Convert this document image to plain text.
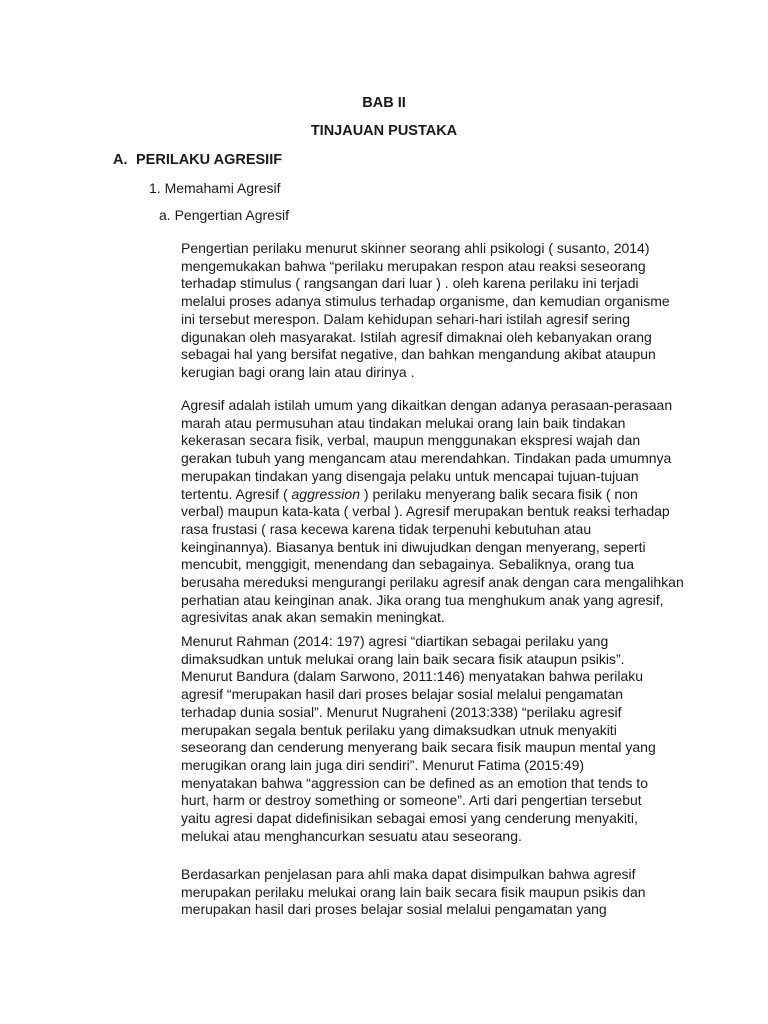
BAB II
TINJAUAN PUSTAKA
A. PERILAKU AGRESIIF
1. Memahami Agresif
a. Pengertian Agresif
Pengertian perilaku menurut skinner seorang ahli psikologi ( susanto, 2014)
mengemukakan bahwa “perilaku merupakan respon atau reaksi seseorang
terhadap stimulus ( rangsangan dari luar ) . oleh karena perilaku ini terjadi
melalui proses adanya stimulus terhadap organisme, dan kemudian organisme
ini tersebut merespon. Dalam kehidupan sehari-hari istilah agresif sering
digunakan oleh masyarakat. Istilah agresif dimaknai oleh kebanyakan orang
sebagai hal yang bersifat negative, dan bahkan mengandung akibat ataupun
kerugian bagi orang lain atau dirinya .
Agresif adalah istilah umum yang dikaitkan dengan adanya perasaan-perasaan
marah atau permusuhan atau tindakan melukai orang lain baik tindakan
kekerasan secara fisik, verbal, maupun menggunakan ekspresi wajah dan
gerakan tubuh yang mengancam atau merendahkan. Tindakan pada umumnya
merupakan tindakan yang disengaja pelaku untuk mencapai tujuan-tujuan
tertentu. Agresif ( aggression ) perilaku menyerang balik secara fisik ( non
verbal) maupun kata-kata ( verbal ). Agresif merupakan bentuk reaksi terhadap
rasa frustasi ( rasa kecewa karena tidak terpenuhi kebutuhan atau
keinginannya). Biasanya bentuk ini diwujudkan dengan menyerang, seperti
mencubit, menggigit, menendang dan sebagainya. Sebaliknya, orang tua
berusaha mereduksi mengurangi perilaku agresif anak dengan cara mengalihkan
perhatian atau keinginan anak. Jika orang tua menghukum anak yang agresif,
agresivitas anak akan semakin meningkat.
Menurut Rahman (2014: 197) agresi “diartikan sebagai perilaku yang
dimaksudkan untuk melukai orang lain baik secara fisik ataupun psikis”.
Menurut Bandura (dalam Sarwono, 2011:146) menyatakan bahwa perilaku
agresif “merupakan hasil dari proses belajar sosial melalui pengamatan
terhadap dunia sosial”. Menurut Nugraheni (2013:338) “perilaku agresif
merupakan segala bentuk perilaku yang dimaksudkan utnuk menyakiti
seseorang dan cenderung menyerang baik secara fisik maupun mental yang
merugikan orang lain juga diri sendiri”. Menurut Fatima (2015:49)
menyatakan bahwa “aggression can be defined as an emotion that tends to
hurt, harm or destroy something or someone”. Arti dari pengertian tersebut
yaitu agresi dapat didefinisikan sebagai emosi yang cenderung menyakiti,
melukai atau menghancurkan sesuatu atau seseorang.
Berdasarkan penjelasan para ahli maka dapat disimpulkan bahwa agresif
merupakan perilaku melukai orang lain baik secara fisik maupun psikis dan
merupakan hasil dari proses belajar sosial melalui pengamatan yang
